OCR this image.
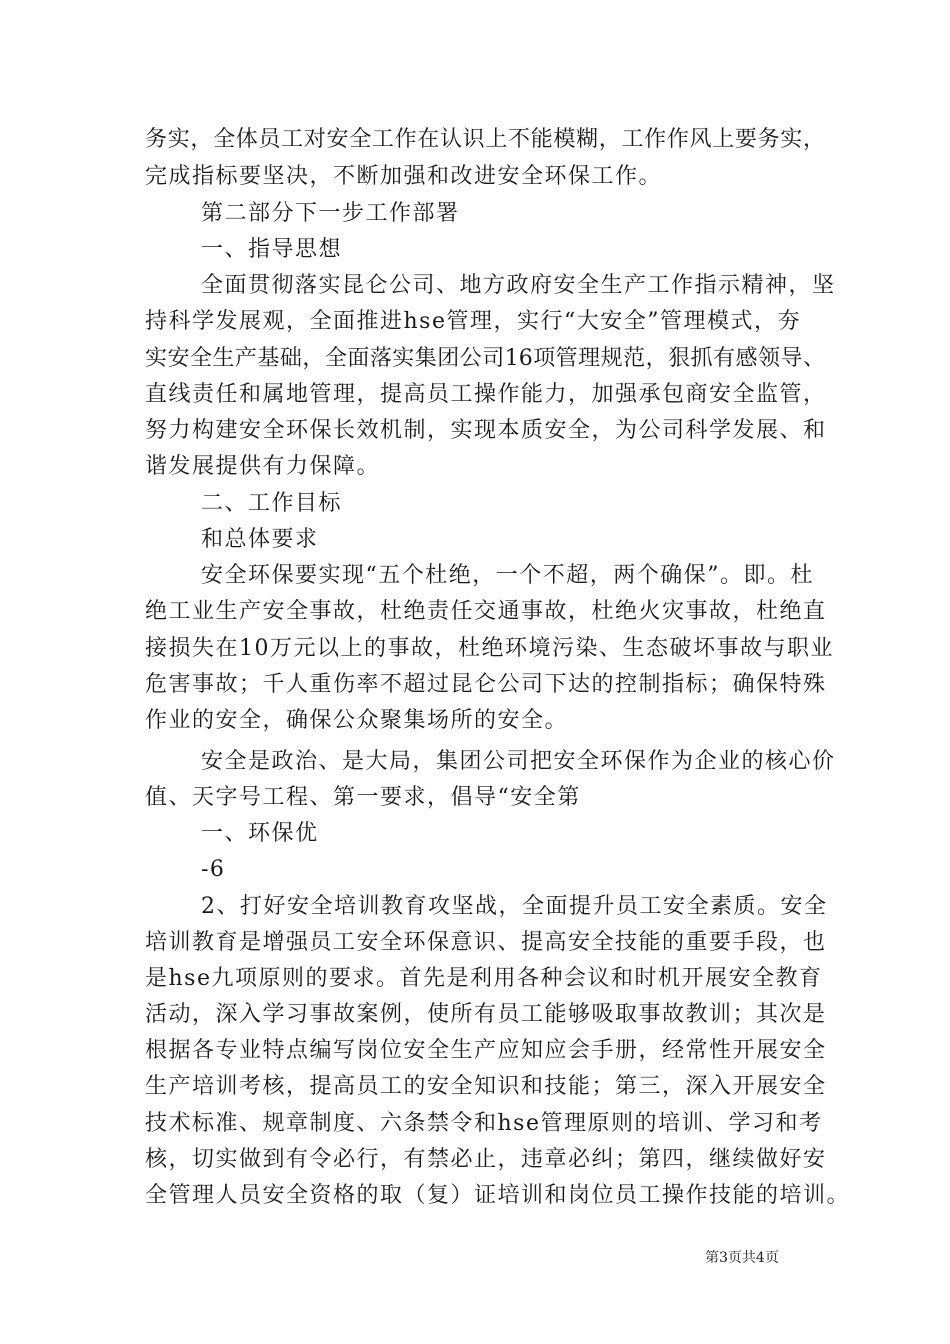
务实，全体员工对安全工作在认识上不能模糊，工作作风上要务实，
完成指标要坚决，不断加强和改进安全环保工作。
第二部分下一步工作部署
一、指导思想
全面贯彻落实昆仑公司、地方政府安全生产工作指示精神，坚
持科学发展观，全面推进hse管理，实行“大安全”管理模式，夯
实安全生产基础，全面落实集团公司16项管理规范，狠抓有感领导、
直线责任和属地管理，提高员工操作能力，加强承包商安全监管，
努力构建安全环保长效机制，实现本质安全，为公司科学发展、和
谐发展提供有力保障。
二、工作目标
和总体要求
安全环保要实现“五个杜绝，一个不超，两个确保”。即。杜
绝工业生产安全事故，杜绝责任交通事故，杜绝火灾事故，杜绝直
接损失在10万元以上的事故，杜绝环境污染、生态破坏事故与职业
危害事故；千人重伤率不超过昆仑公司下达的控制指标；确保特殊
作业的安全，确保公众聚集场所的安全。
安全是政治、是大局，集团公司把安全环保作为企业的核心价
值、天字号工程、第一要求，倡导“安全第
一、环保优
-6
2、打好安全培训教育攻坚战，全面提升员工安全素质。安全
培训教育是增强员工安全环保意识、提高安全技能的重要手段，也
是hse九项原则的要求。首先是利用各种会议和时机开展安全教育
活动，深入学习事故案例，使所有员工能够吸取事故教训；其次是
根据各专业特点编写岗位安全生产应知应会手册，经常性开展安全
生产培训考核，提高员工的安全知识和技能；第三，深入开展安全
技术标准、规章制度、六条禁令和hse管理原则的培训、学习和考
核，切实做到有令必行，有禁必止，违章必纠；第四，继续做好安
全管理人员安全资格的取（复）证培训和岗位员工操作技能的培训。
第3页共4页
